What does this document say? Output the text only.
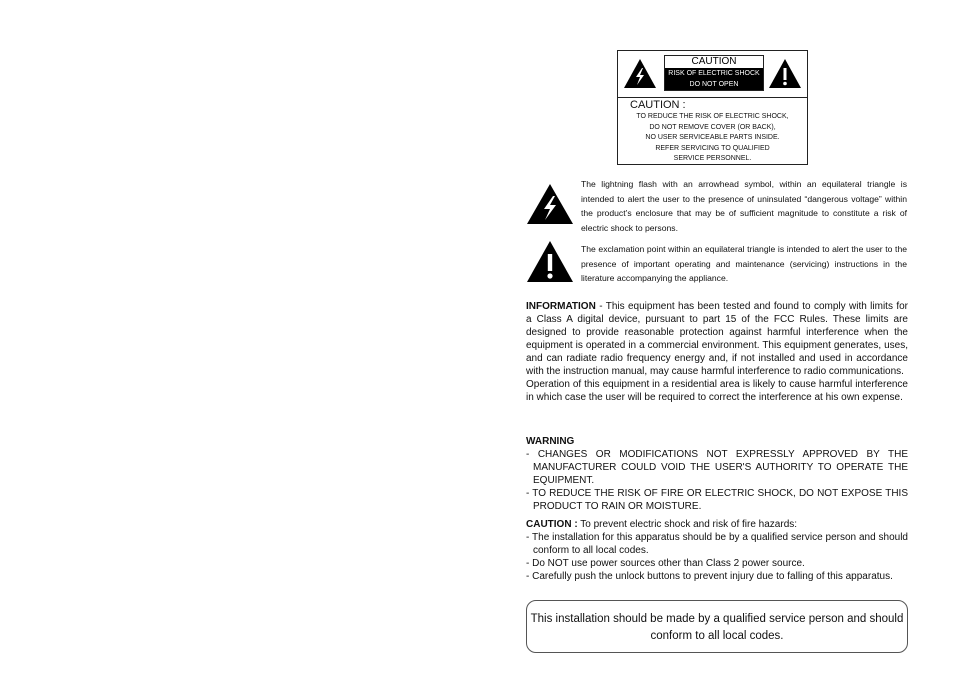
CAUTION
RISK OF ELECTRIC SHOCK
DO NOT OPEN
CAUTION :
TO REDUCE THE RISK OF ELECTRIC SHOCK,
DO NOT REMOVE COVER (OR BACK),
NO USER SERVICEABLE PARTS INSIDE.
REFER SERVICING TO QUALIFIED
SERVICE PERSONNEL.
The lightning flash with an arrowhead symbol, within an equilateral triangle is intended to alert the user to the presence of uninsulated “dangerous voltage” within the product’s enclosure that may be of sufficient magnitude to constitute a risk of electric shock to persons.
The exclamation point within an equilateral triangle is intended to alert the user to the presence of important operating and maintenance (servicing) instructions in the literature accompanying the appliance.
INFORMATION - This equipment has been tested and found to comply with limits for a Class A digital device, pursuant to part 15 of the FCC Rules. These limits are designed to provide reasonable protection against harmful interference when the equipment is operated in a commercial environment. This equipment generates, uses, and can radiate radio frequency energy and, if not installed and used in accordance with the instruction manual, may cause harmful interference to radio communications.
Operation of this equipment in a residential area is likely to cause harmful interference in which case the user will be required to correct the interference at his own expense.
WARNING
- CHANGES OR MODIFICATIONS NOT EXPRESSLY APPROVED BY THE MANUFACTURER COULD VOID THE USER'S AUTHORITY TO OPERATE THE EQUIPMENT.
- TO REDUCE THE RISK OF FIRE OR ELECTRIC SHOCK, DO NOT EXPOSE THIS PRODUCT TO RAIN OR MOISTURE.
CAUTION : To prevent electric shock and risk of fire hazards:
- The installation for this apparatus should be by a qualified service person and should conform to all local codes.
- Do NOT use power sources other than Class 2 power source.
- Carefully push the unlock buttons to prevent injury due to falling of this apparatus.
This installation should be made by a qualified service person and should conform to all local codes.
